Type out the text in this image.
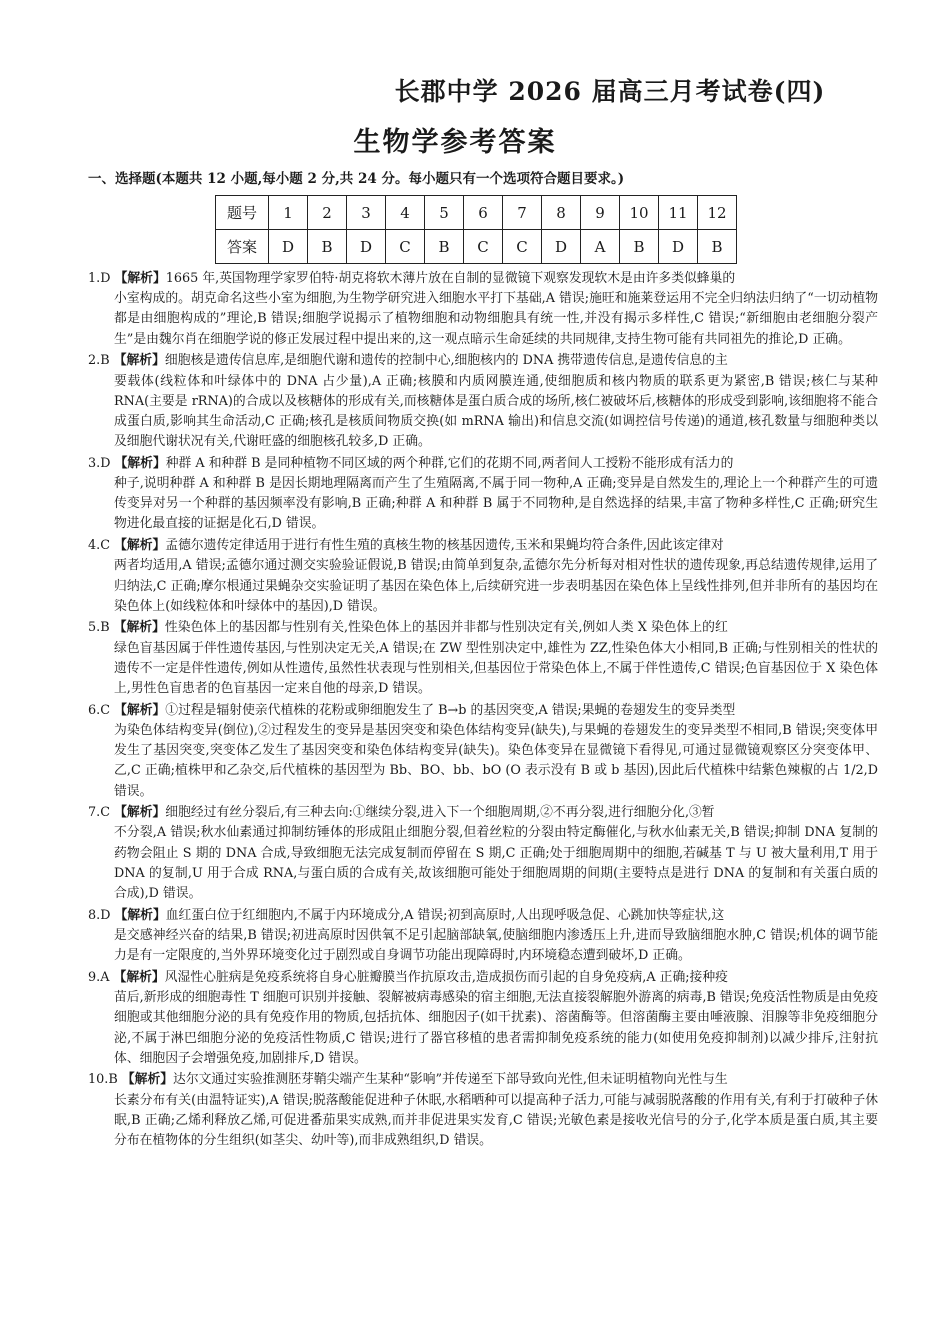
长郡中学 2026 届高三月考试卷(四)
生物学参考答案
一、选择题(本题共 12 小题,每小题 2 分,共 24 分。每小题只有一个选项符合题目要求。)
题号	1	2	3	4	5	6	7	8	9	10	11	12
答案	D	B	D	C	B	C	C	D	A	B	D	B

1.D 【解析】1665 年,英国物理学家罗伯特·胡克将软木薄片放在自制的显微镜下观察发现软木是由许多类似蜂巢的
小室构成的。胡克命名这些小室为细胞,为生物学研究进入细胞水平打下基础,A 错误;施旺和施莱登运用不完全归纳法归纳了“一切动植物都是由细胞构成的”理论,B 错误;细胞学说揭示了植物细胞和动物细胞具有统一性,并没有揭示多样性,C 错误;“新细胞由老细胞分裂产生”是由魏尔肖在细胞学说的修正发展过程中提出来的,这一观点暗示生命延续的共同规律,支持生物可能有共同祖先的推论,D 正确。

2.B 【解析】细胞核是遗传信息库,是细胞代谢和遗传的控制中心,细胞核内的 DNA 携带遗传信息,是遗传信息的主
要载体(线粒体和叶绿体中的 DNA 占少量),A 正确;核膜和内质网膜连通,使细胞质和核内物质的联系更为紧密,B 错误;核仁与某种 RNA(主要是 rRNA)的合成以及核糖体的形成有关,而核糖体是蛋白质合成的场所,核仁被破坏后,核糖体的形成受到影响,该细胞将不能合成蛋白质,影响其生命活动,C 正确;核孔是核质间物质交换(如 mRNA 输出)和信息交流(如调控信号传递)的通道,核孔数量与细胞种类以及细胞代谢状况有关,代谢旺盛的细胞核孔较多,D 正确。

3.D 【解析】种群 A 和种群 B 是同种植物不同区域的两个种群,它们的花期不同,两者间人工授粉不能形成有活力的
种子,说明种群 A 和种群 B 是因长期地理隔离而产生了生殖隔离,不属于同一物种,A 正确;变异是自然发生的,理论上一个种群产生的可遗传变异对另一个种群的基因频率没有影响,B 正确;种群 A 和种群 B 属于不同物种,是自然选择的结果,丰富了物种多样性,C 正确;研究生物进化最直接的证据是化石,D 错误。

4.C 【解析】孟德尔遗传定律适用于进行有性生殖的真核生物的核基因遗传,玉米和果蝇均符合条件,因此该定律对
两者均适用,A 错误;孟德尔通过测交实验验证假说,B 错误;由简单到复杂,孟德尔先分析每对相对性状的遗传现象,再总结遗传规律,运用了归纳法,C 正确;摩尔根通过果蝇杂交实验证明了基因在染色体上,后续研究进一步表明基因在染色体上呈线性排列,但并非所有的基因均在染色体上(如线粒体和叶绿体中的基因),D 错误。

5.B 【解析】性染色体上的基因都与性别有关,性染色体上的基因并非都与性别决定有关,例如人类 X 染色体上的红
绿色盲基因属于伴性遗传基因,与性别决定无关,A 错误;在 ZW 型性别决定中,雄性为 ZZ,性染色体大小相同,B 正确;与性别相关的性状的遗传不一定是伴性遗传,例如从性遗传,虽然性状表现与性别相关,但基因位于常染色体上,不属于伴性遗传,C 错误;色盲基因位于 X 染色体上,男性色盲患者的色盲基因一定来自他的母亲,D 错误。

6.C 【解析】①过程是辐射使亲代植株的花粉或卵细胞发生了 B→b 的基因突变,A 错误;果蝇的卷翅发生的变异类型
为染色体结构变异(倒位),②过程发生的变异是基因突变和染色体结构变异(缺失),与果蝇的卷翅发生的变异类型不相同,B 错误;突变体甲发生了基因突变,突变体乙发生了基因突变和染色体结构变异(缺失)。染色体变异在显微镜下看得见,可通过显微镜观察区分突变体甲、乙,C 正确;植株甲和乙杂交,后代植株的基因型为 Bb、BO、bb、bO (O 表示没有 B 或 b 基因),因此后代植株中结紫色辣椒的占 1/2,D 错误。

7.C 【解析】细胞经过有丝分裂后,有三种去向:①继续分裂,进入下一个细胞周期,②不再分裂,进行细胞分化,③暂
不分裂,A 错误;秋水仙素通过抑制纺锤体的形成阻止细胞分裂,但着丝粒的分裂由特定酶催化,与秋水仙素无关,B 错误;抑制 DNA 复制的药物会阻止 S 期的 DNA 合成,导致细胞无法完成复制而停留在 S 期,C 正确;处于细胞周期中的细胞,若碱基 T 与 U 被大量利用,T 用于 DNA 的复制,U 用于合成 RNA,与蛋白质的合成有关,故该细胞可能处于细胞周期的间期(主要特点是进行 DNA 的复制和有关蛋白质的合成),D 错误。

8.D 【解析】血红蛋白位于红细胞内,不属于内环境成分,A 错误;初到高原时,人出现呼吸急促、心跳加快等症状,这
是交感神经兴奋的结果,B 错误;初进高原时因供氧不足引起脑部缺氧,使脑细胞内渗透压上升,进而导致脑细胞水肿,C 错误;机体的调节能力是有一定限度的,当外界环境变化过于剧烈或自身调节功能出现障碍时,内环境稳态遭到破坏,D 正确。

9.A 【解析】风湿性心脏病是免疫系统将自身心脏瓣膜当作抗原攻击,造成损伤而引起的自身免疫病,A 正确;接种疫
苗后,新形成的细胞毒性 T 细胞可识别并接触、裂解被病毒感染的宿主细胞,无法直接裂解胞外游离的病毒,B 错误;免疫活性物质是由免疫细胞或其他细胞分泌的具有免疫作用的物质,包括抗体、细胞因子(如干扰素)、溶菌酶等。但溶菌酶主要由唾液腺、泪腺等非免疫细胞分泌,不属于淋巴细胞分泌的免疫活性物质,C 错误;进行了器官移植的患者需抑制免疫系统的能力(如使用免疫抑制剂)以减少排斥,注射抗体、细胞因子会增强免疫,加剧排斥,D 错误。

10.B 【解析】达尔文通过实验推测胚芽鞘尖端产生某种“影响”并传递至下部导致向光性,但未证明植物向光性与生
长素分布有关(由温特证实),A 错误;脱落酸能促进种子休眠,水稻晒种可以提高种子活力,可能与减弱脱落酸的作用有关,有利于打破种子休眠,B 正确;乙烯利释放乙烯,可促进番茄果实成熟,而并非促进果实发育,C 错误;光敏色素是接收光信号的分子,化学本质是蛋白质,其主要分布在植物体的分生组织(如茎尖、幼叶等),而非成熟组织,D 错误。
